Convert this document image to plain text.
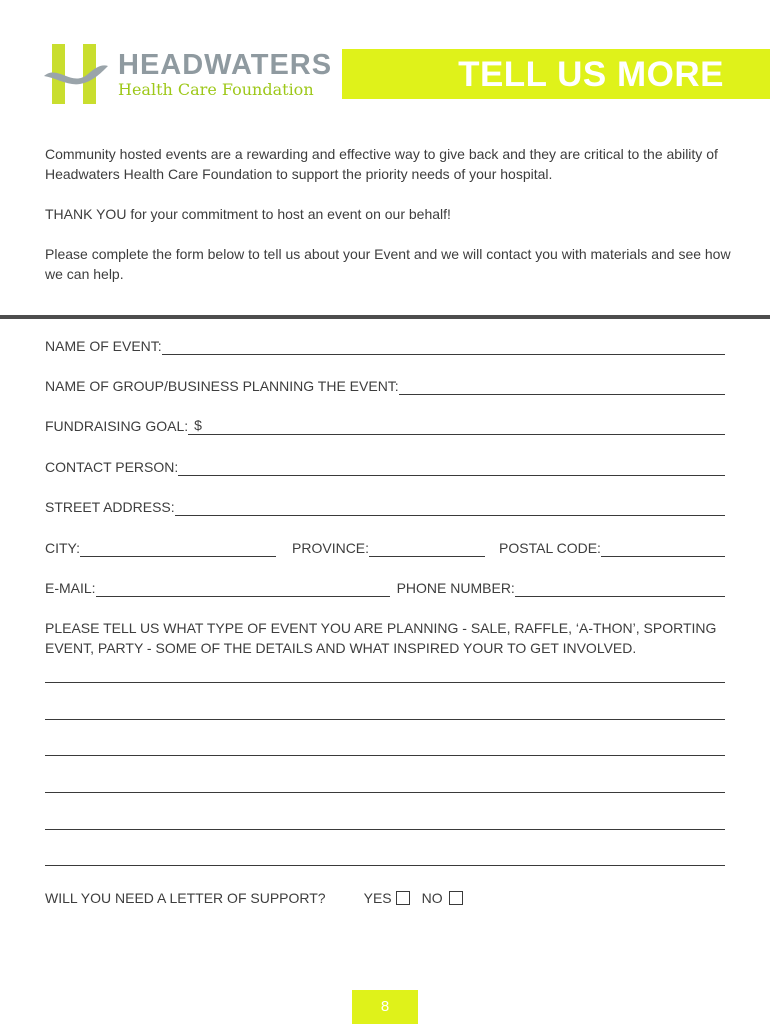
HEADWATERS
Health Care Foundation	TELL US MORE

Community hosted events are a rewarding and effective way to give back and they are critical to the ability of Headwaters Health Care Foundation to support the priority needs of your hospital.

THANK YOU for your commitment to host an event on our behalf!

Please complete the form below to tell us about your Event and we will contact you with materials and see how we can help.

NAME OF EVENT:
NAME OF GROUP/BUSINESS PLANNING THE EVENT:
FUNDRAISING GOAL: $
CONTACT PERSON:
STREET ADDRESS:
CITY:	PROVINCE:	POSTAL CODE:
E-MAIL:	PHONE NUMBER:
PLEASE TELL US WHAT TYPE OF EVENT YOU ARE PLANNING - SALE, RAFFLE, ‘A-THON’, SPORTING EVENT, PARTY - SOME OF THE DETAILS AND WHAT INSPIRED YOUR TO GET INVOLVED.
WILL YOU NEED A LETTER OF SUPPORT?	YES NO
8
